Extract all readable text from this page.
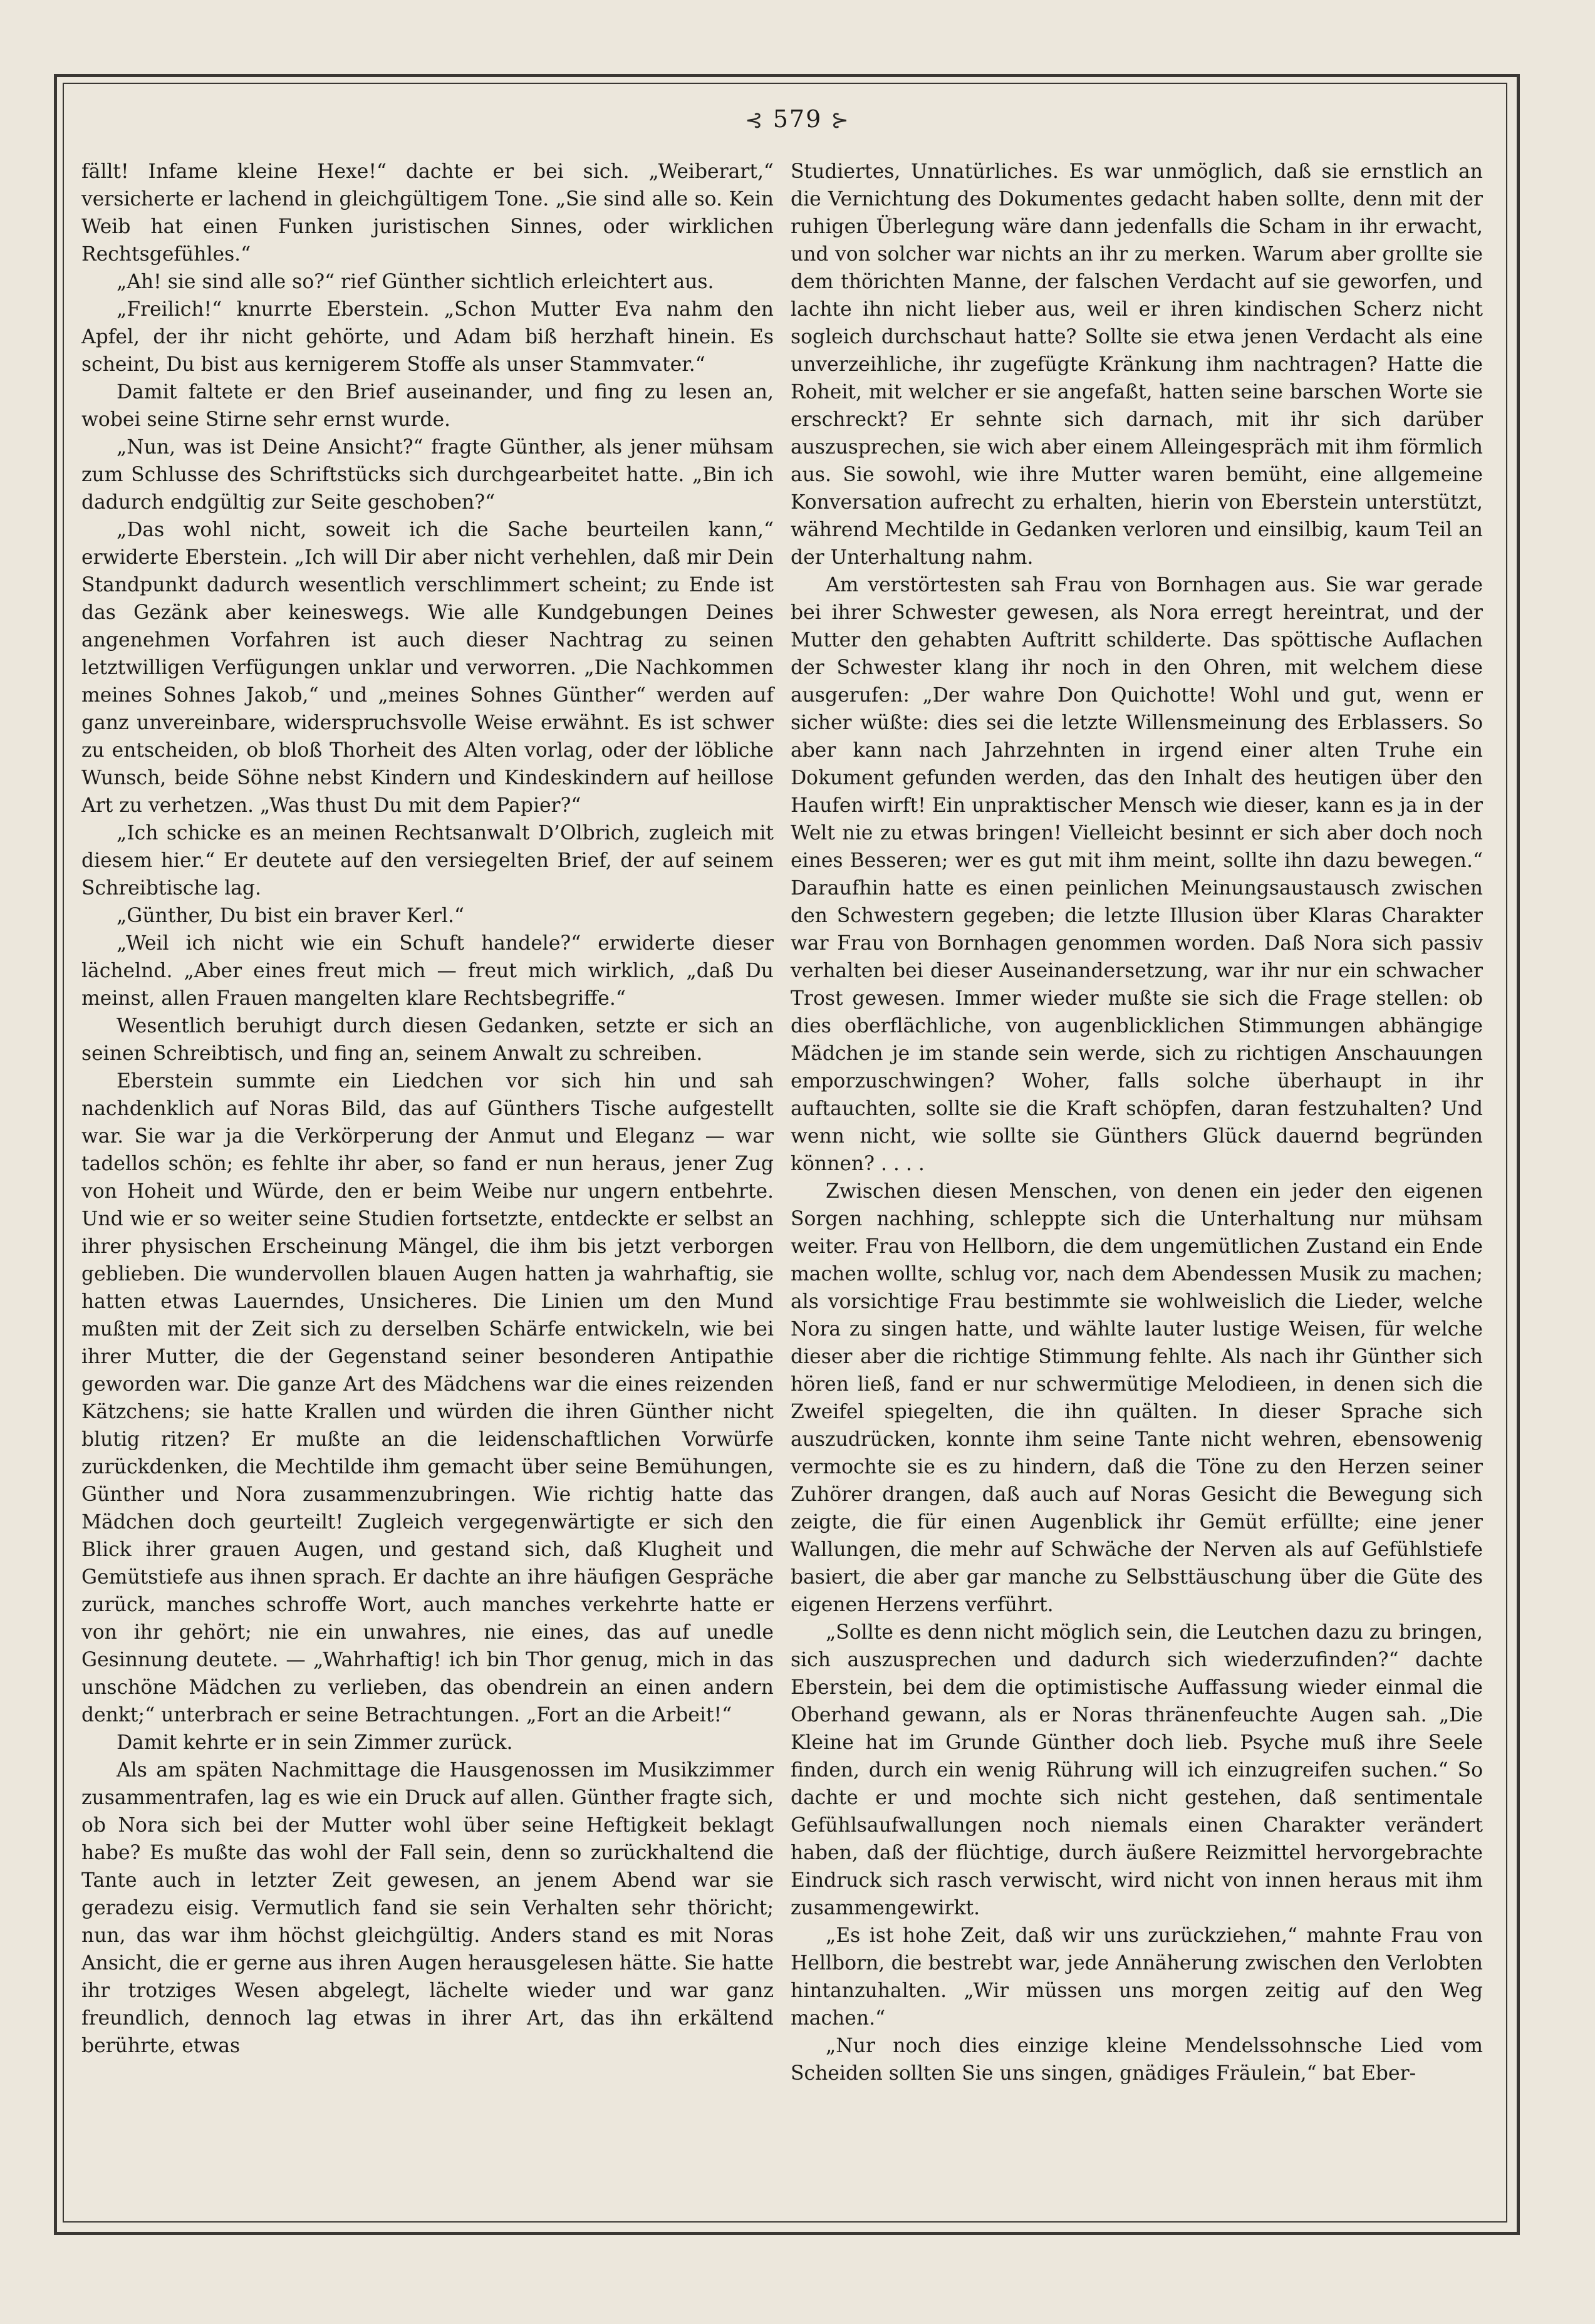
⊰ 579 ⊱

fällt! Infame kleine Hexe!“ dachte er bei sich. „Weiberart,“ versicherte er lachend in gleichgültigem Tone. „Sie sind alle so. Kein Weib hat einen Funken juristischen Sinnes, oder wirklichen Rechtsgefühles.“

„Ah! sie sind alle so?“ rief Günther sichtlich erleichtert aus.

„Freilich!“ knurrte Eberstein. „Schon Mutter Eva nahm den Apfel, der ihr nicht gehörte, und Adam biß herzhaft hinein. Es scheint, Du bist aus kernigerem Stoffe als unser Stammvater.“

Damit faltete er den Brief auseinander, und fing zu lesen an, wobei seine Stirne sehr ernst wurde.

„Nun, was ist Deine Ansicht?“ fragte Günther, als jener mühsam zum Schlusse des Schriftstücks sich durchgearbeitet hatte. „Bin ich dadurch endgültig zur Seite geschoben?“

„Das wohl nicht, soweit ich die Sache beurteilen kann,“ erwiderte Eberstein. „Ich will Dir aber nicht verhehlen, daß mir Dein Standpunkt dadurch wesentlich verschlimmert scheint; zu Ende ist das Gezänk aber keineswegs. Wie alle Kundgebungen Deines angenehmen Vorfahren ist auch dieser Nachtrag zu seinen letztwilligen Verfügungen unklar und verworren. „Die Nachkommen meines Sohnes Jakob,“ und „meines Sohnes Günther“ werden auf ganz unvereinbare, widerspruchsvolle Weise erwähnt. Es ist schwer zu entscheiden, ob bloß Thorheit des Alten vorlag, oder der löbliche Wunsch, beide Söhne nebst Kindern und Kindeskindern auf heillose Art zu verhetzen. „Was thust Du mit dem Papier?“

„Ich schicke es an meinen Rechtsanwalt D’Olbrich, zugleich mit diesem hier.“ Er deutete auf den versiegelten Brief, der auf seinem Schreibtische lag.

„Günther, Du bist ein braver Kerl.“

„Weil ich nicht wie ein Schuft handele?“ erwiderte dieser lächelnd. „Aber eines freut mich — freut mich wirklich, „daß Du meinst, allen Frauen mangelten klare Rechtsbegriffe.“

Wesentlich beruhigt durch diesen Gedanken, setzte er sich an seinen Schreibtisch, und fing an, seinem Anwalt zu schreiben.

Eberstein summte ein Liedchen vor sich hin und sah nachdenklich auf Noras Bild, das auf Günthers Tische aufgestellt war. Sie war ja die Verkörperung der Anmut und Eleganz — war tadellos schön; es fehlte ihr aber, so fand er nun heraus, jener Zug von Hoheit und Würde, den er beim Weibe nur ungern entbehrte. Und wie er so weiter seine Studien fortsetzte, entdeckte er selbst an ihrer physischen Erscheinung Mängel, die ihm bis jetzt verborgen geblieben. Die wundervollen blauen Augen hatten ja wahrhaftig, sie hatten etwas Lauerndes, Unsicheres. Die Linien um den Mund mußten mit der Zeit sich zu derselben Schärfe entwickeln, wie bei ihrer Mutter, die der Gegenstand seiner besonderen Antipathie geworden war. Die ganze Art des Mädchens war die eines reizenden Kätzchens; sie hatte Krallen und würden die ihren Günther nicht blutig ritzen? Er mußte an die leidenschaftlichen Vorwürfe zurückdenken, die Mechtilde ihm gemacht über seine Bemühungen, Günther und Nora zusammenzubringen. Wie richtig hatte das Mädchen doch geurteilt! Zugleich vergegenwärtigte er sich den Blick ihrer grauen Augen, und gestand sich, daß Klugheit und Gemütstiefe aus ihnen sprach. Er dachte an ihre häufigen Gespräche zurück, manches schroffe Wort, auch manches verkehrte hatte er von ihr gehört; nie ein unwahres, nie eines, das auf unedle Gesinnung deutete. — „Wahrhaftig! ich bin Thor genug, mich in das unschöne Mädchen zu verlieben, das obendrein an einen andern denkt;“ unterbrach er seine Betrachtungen. „Fort an die Arbeit!“

Damit kehrte er in sein Zimmer zurück.

Als am späten Nachmittage die Hausgenossen im Musikzimmer zusammentrafen, lag es wie ein Druck auf allen. Günther fragte sich, ob Nora sich bei der Mutter wohl über seine Heftigkeit beklagt habe? Es mußte das wohl der Fall sein, denn so zurückhaltend die Tante auch in letzter Zeit gewesen, an jenem Abend war sie geradezu eisig. Vermutlich fand sie sein Verhalten sehr thöricht; nun, das war ihm höchst gleichgültig. Anders stand es mit Noras Ansicht, die er gerne aus ihren Augen herausgelesen hätte. Sie hatte ihr trotziges Wesen abgelegt, lächelte wieder und war ganz freundlich, dennoch lag etwas in ihrer Art, das ihn erkältend berührte, etwas

Studiertes, Unnatürliches. Es war unmöglich, daß sie ernstlich an die Vernichtung des Dokumentes gedacht haben sollte, denn mit der ruhigen Überlegung wäre dann jedenfalls die Scham in ihr erwacht, und von solcher war nichts an ihr zu merken. Warum aber grollte sie dem thörichten Manne, der falschen Verdacht auf sie geworfen, und lachte ihn nicht lieber aus, weil er ihren kindischen Scherz nicht sogleich durchschaut hatte? Sollte sie etwa jenen Verdacht als eine unverzeihliche, ihr zugefügte Kränkung ihm nachtragen? Hatte die Roheit, mit welcher er sie angefaßt, hatten seine barschen Worte sie erschreckt? Er sehnte sich darnach, mit ihr sich darüber auszusprechen, sie wich aber einem Alleingespräch mit ihm förmlich aus. Sie sowohl, wie ihre Mutter waren bemüht, eine allgemeine Konversation aufrecht zu erhalten, hierin von Eberstein unterstützt, während Mechtilde in Gedanken verloren und einsilbig, kaum Teil an der Unterhaltung nahm.

Am verstörtesten sah Frau von Bornhagen aus. Sie war gerade bei ihrer Schwester gewesen, als Nora erregt hereintrat, und der Mutter den gehabten Auftritt schilderte. Das spöttische Auflachen der Schwester klang ihr noch in den Ohren, mit welchem diese ausgerufen: „Der wahre Don Quichotte! Wohl und gut, wenn er sicher wüßte: dies sei die letzte Willensmeinung des Erblassers. So aber kann nach Jahrzehnten in irgend einer alten Truhe ein Dokument gefunden werden, das den Inhalt des heutigen über den Haufen wirft! Ein unpraktischer Mensch wie dieser, kann es ja in der Welt nie zu etwas bringen! Vielleicht besinnt er sich aber doch noch eines Besseren; wer es gut mit ihm meint, sollte ihn dazu bewegen.“ Daraufhin hatte es einen peinlichen Meinungsaustausch zwischen den Schwestern gegeben; die letzte Illusion über Klaras Charakter war Frau von Bornhagen genommen worden. Daß Nora sich passiv verhalten bei dieser Auseinandersetzung, war ihr nur ein schwacher Trost gewesen. Immer wieder mußte sie sich die Frage stellen: ob dies oberflächliche, von augenblicklichen Stimmungen abhängige Mädchen je im stande sein werde, sich zu richtigen Anschauungen emporzuschwingen? Woher, falls solche überhaupt in ihr auftauchten, sollte sie die Kraft schöpfen, daran festzuhalten? Und wenn nicht, wie sollte sie Günthers Glück dauernd begründen können? . . . .

Zwischen diesen Menschen, von denen ein jeder den eigenen Sorgen nachhing, schleppte sich die Unterhaltung nur mühsam weiter. Frau von Hellborn, die dem ungemütlichen Zustand ein Ende machen wollte, schlug vor, nach dem Abendessen Musik zu machen; als vorsichtige Frau bestimmte sie wohlweislich die Lieder, welche Nora zu singen hatte, und wählte lauter lustige Weisen, für welche dieser aber die richtige Stimmung fehlte. Als nach ihr Günther sich hören ließ, fand er nur schwermütige Melodieen, in denen sich die Zweifel spiegelten, die ihn quälten. In dieser Sprache sich auszudrücken, konnte ihm seine Tante nicht wehren, ebensowenig vermochte sie es zu hindern, daß die Töne zu den Herzen seiner Zuhörer drangen, daß auch auf Noras Gesicht die Bewegung sich zeigte, die für einen Augenblick ihr Gemüt erfüllte; eine jener Wallungen, die mehr auf Schwäche der Nerven als auf Gefühlstiefe basiert, die aber gar manche zu Selbsttäuschung über die Güte des eigenen Herzens verführt.

„Sollte es denn nicht möglich sein, die Leutchen dazu zu bringen, sich auszusprechen und dadurch sich wiederzufinden?“ dachte Eberstein, bei dem die optimistische Auffassung wieder einmal die Oberhand gewann, als er Noras thränenfeuchte Augen sah. „Die Kleine hat im Grunde Günther doch lieb. Psyche muß ihre Seele finden, durch ein wenig Rührung will ich einzugreifen suchen.“ So dachte er und mochte sich nicht gestehen, daß sentimentale Gefühlsaufwallungen noch niemals einen Charakter verändert haben, daß der flüchtige, durch äußere Reizmittel hervorgebrachte Eindruck sich rasch verwischt, wird nicht von innen heraus mit ihm zusammengewirkt.

„Es ist hohe Zeit, daß wir uns zurückziehen,“ mahnte Frau von Hellborn, die bestrebt war, jede Annäherung zwischen den Verlobten hintanzuhalten. „Wir müssen uns morgen zeitig auf den Weg machen.“

„Nur noch dies einzige kleine Mendelssohnsche Lied vom Scheiden sollten Sie uns singen, gnädiges Fräulein,“ bat Eber-
